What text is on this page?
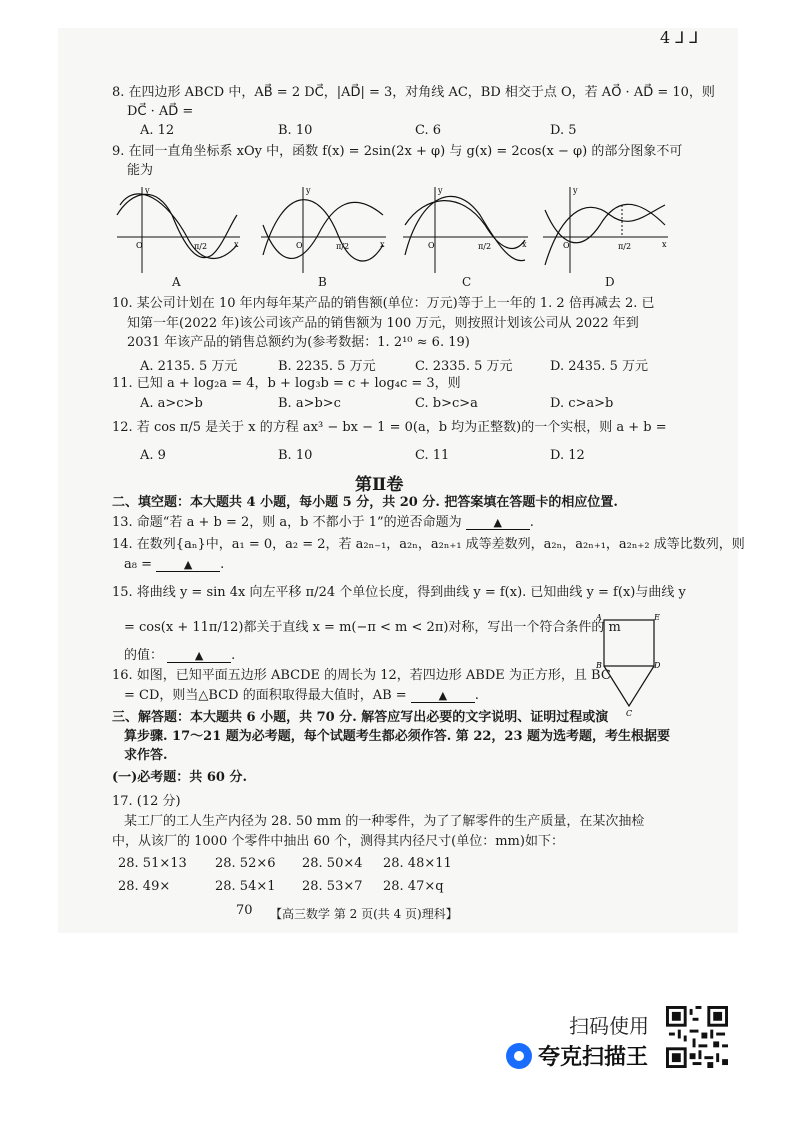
4 ⅃ ⅃
8. 在四边形 ABCD 中，AB⃗ = 2 DC⃗，|AD⃗| = 3，对角线 AC，BD 相交于点 O，若 AO⃗ · AD⃗ = 10，则
DC⃗ · AD⃗ =
A. 12	B. 10	C. 6	D. 5
9. 在同一直角坐标系 xOy 中，函数 f(x) = 2sin(2x + φ) 与 g(x) = 2cos(x − φ) 的部分图象不可
能为
O	π/2
y
x	O	π/2
y
x	O	π/2
y
x	O	π/2
y
x
A	B	C	D
10. 某公司计划在 10 年内每年某产品的销售额(单位：万元)等于上一年的 1. 2 倍再减去 2. 已
知第一年(2022 年)该公司该产品的销售额为 100 万元，则按照计划该公司从 2022 年到
2031 年该产品的销售总额约为(参考数据：1. 2¹⁰ ≈ 6. 19)
A. 2135. 5 万元	B. 2235. 5 万元	C. 2335. 5 万元	D. 2435. 5 万元
11. 已知 a + log₂a = 4，b + log₃b = c + log₄c = 3，则
A. a>c>b	B. a>b>c	C. b>c>a	D. c>a>b
12. 若 cos π/5 是关于 x 的方程 ax³ − bx − 1 = 0(a，b 均为正整数)的一个实根，则 a + b =
A. 9	B. 10	C. 11	D. 12
第Ⅱ卷
二、填空题：本大题共 4 小题，每小题 5 分，共 20 分. 把答案填在答题卡的相应位置.
13. 命题“若 a + b = 2，则 a，b 不都小于 1”的逆否命题为	▲ .
14. 在数列{aₙ}中，a₁ = 0，a₂ = 2，若 a₂ₙ₋₁，a₂ₙ，a₂ₙ₊₁ 成等差数列，a₂ₙ，a₂ₙ₊₁，a₂ₙ₊₂ 成等比数列，则
a₈ =	▲ .
15. 将曲线 y = sin 4x 向左平移 π/24 个单位长度，得到曲线 y = f(x). 已知曲线 y = f(x)与曲线 y
= cos(x + 11π/12)都关于直线 x = m(−π < m < 2π)对称，写出一个符合条件的 m
的值：	▲ .
16. 如图，已知平面五边形 ABCDE 的周长为 12，若四边形 ABDE 为正方形，且 BC
= CD，则当△BCD 的面积取得最大值时，AB =	▲ .
A	E
B	D
C
三、解答题：本大题共 6 小题，共 70 分. 解答应写出必要的文字说明、证明过程或演
算步骤. 17～21 题为必考题，每个试题考生都必须作答. 第 22，23 题为选考题，考生根据要
求作答.
(一)必考题：共 60 分.
17. (12 分)
某工厂的工人生产内径为 28. 50 mm 的一种零件，为了了解零件的生产质量，在某次抽检
中，从该厂的 1000 个零件中抽出 60 个，测得其内径尺寸(单位：mm)如下：
28. 51×13 28. 52×6 28. 50×4 28. 48×11
28. 49×	28. 54×1 28. 53×7 28. 47×q
70 【高三数学 第 2 页(共 4 页)理科】
扫码使用
夸克扫描王
